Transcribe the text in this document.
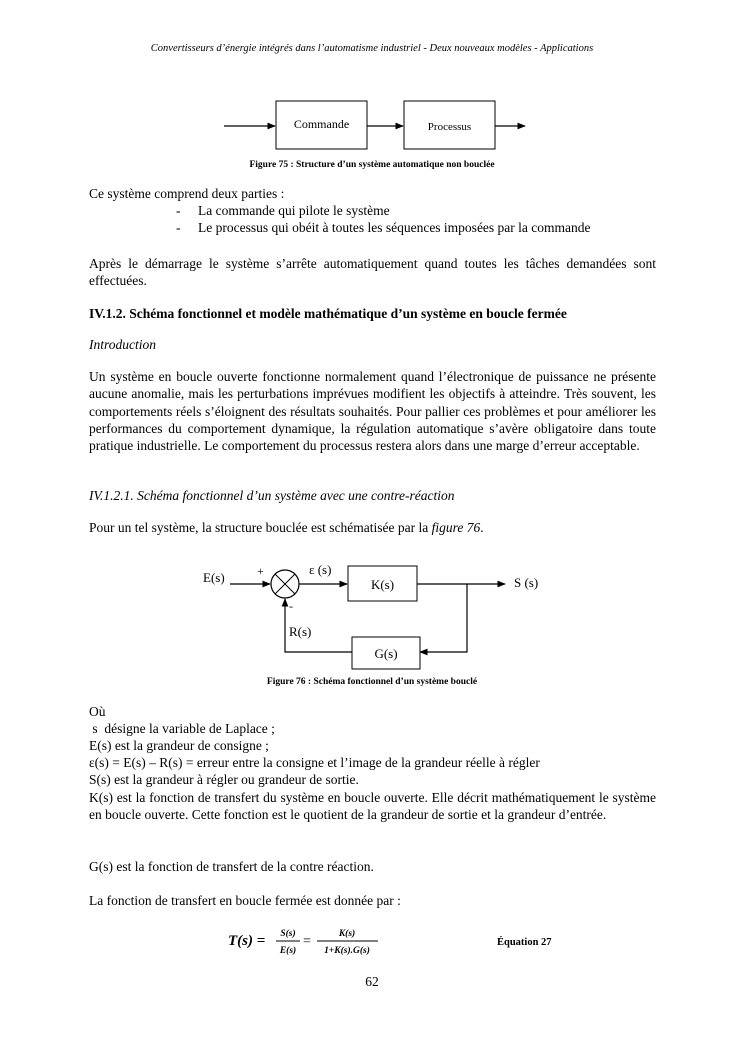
Convertisseurs d’énergie intégrés dans l’automatisme industriel - Deux nouveaux modèles - Applications
Commande	Processus
Figure 75 : Structure d’un système automatique non bouclée
Ce système comprend deux parties :
- La commande qui pilote le système
- Le processus qui obéit à toutes les séquences imposées par la commande
Après le démarrage le système s’arrête automatiquement quand toutes les tâches demandées sont effectuées.
IV.1.2. Schéma fonctionnel et modèle mathématique d’un système en boucle fermée
Introduction
Un système en boucle ouverte fonctionne normalement quand l’électronique de puissance ne présente aucune anomalie, mais les perturbations imprévues modifient les objectifs à atteindre. Très souvent, les comportements réels s’éloignent des résultats souhaités. Pour pallier ces problèmes et pour améliorer les performances du comportement dynamique, la régulation automatique s’avère obligatoire dans toute pratique industrielle. Le comportement du processus restera alors dans une marge d’erreur acceptable.
IV.1.2.1. Schéma fonctionnel d’un système avec une contre-réaction
Pour un tel système, la structure bouclée est schématisée par la figure 76.
E(s)	+	ε (s)
K(s)	S (s)
G(s)
-
R(s)
Figure 76 : Schéma fonctionnel d’un système bouclé
Où
s  désigne la variable de Laplace ;
E(s) est la grandeur de consigne ;
ε(s) = E(s) – R(s) = erreur entre la consigne et l’image de la grandeur réelle à régler
S(s) est la grandeur à régler ou grandeur de sortie.
K(s) est la fonction de transfert du système en boucle ouverte. Elle décrit mathématiquement le système en boucle ouverte. Cette fonction est le quotient de la grandeur de sortie et la grandeur d’entrée.
G(s) est la fonction de transfert de la contre réaction.
La fonction de transfert en boucle fermée est donnée par :
T(s) = S(s)
E(s)
=	K(s)
1+K(s).G(s)
Équation 27
62
